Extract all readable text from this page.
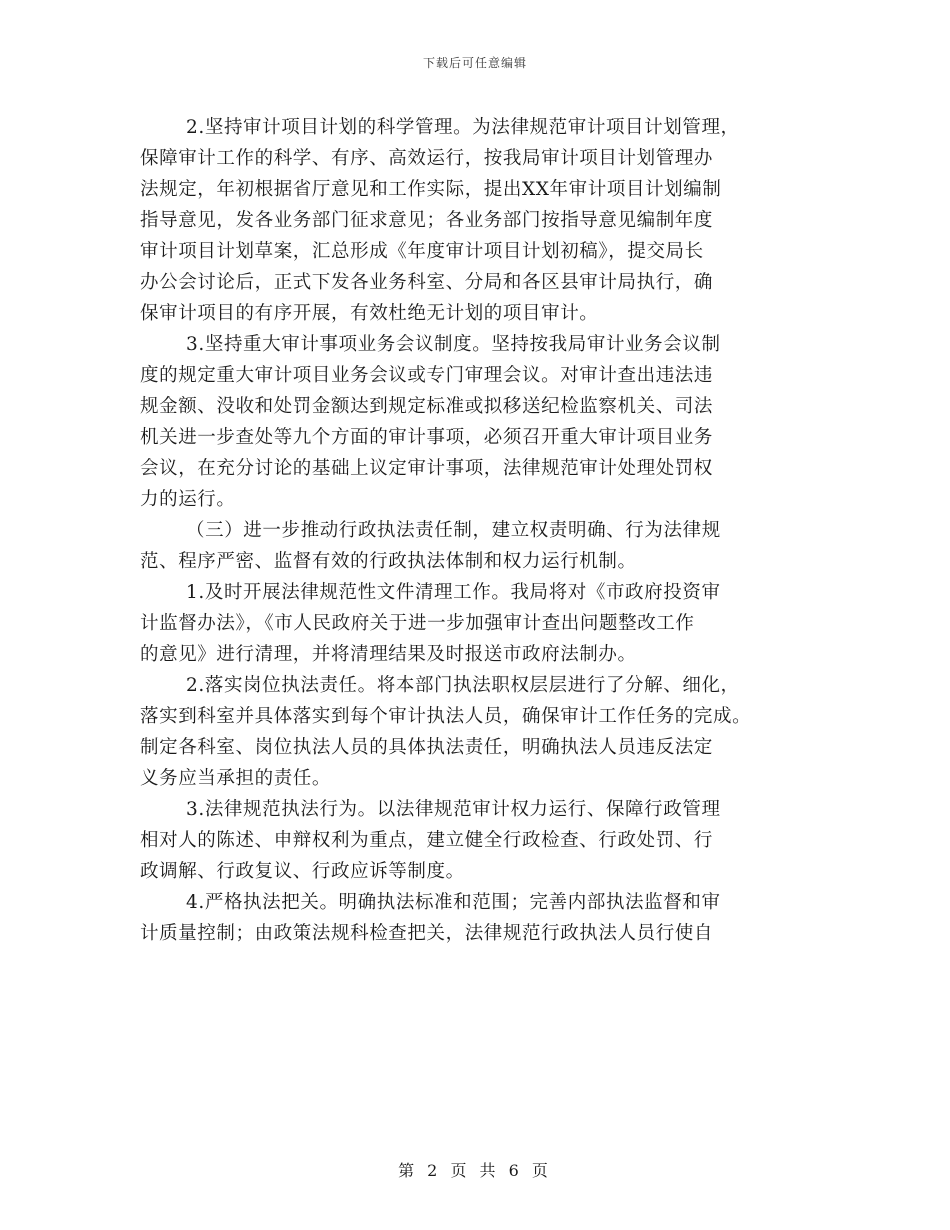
下载后可任意编辑

2.坚持审计项目计划的科学管理。为法律规范审计项目计划管理，
保障审计工作的科学、有序、高效运行，按我局审计项目计划管理办
法规定，年初根据省厅意见和工作实际，提出XX年审计项目计划编制
指导意见，发各业务部门征求意见；各业务部门按指导意见编制年度
审计项目计划草案，汇总形成《年度审计项目计划初稿》，提交局长
办公会讨论后，正式下发各业务科室、分局和各区县审计局执行，确
保审计项目的有序开展，有效杜绝无计划的项目审计。

3.坚持重大审计事项业务会议制度。坚持按我局审计业务会议制
度的规定重大审计项目业务会议或专门审理会议。对审计查出违法违
规金额、没收和处罚金额达到规定标准或拟移送纪检监察机关、司法
机关进一步查处等九个方面的审计事项，必须召开重大审计项目业务
会议，在充分讨论的基础上议定审计事项，法律规范审计处理处罚权
力的运行。

（三）进一步推动行政执法责任制，建立权责明确、行为法律规
范、程序严密、监督有效的行政执法体制和权力运行机制。

1.及时开展法律规范性文件清理工作。我局将对《市政府投资审
计监督办法》，《市人民政府关于进一步加强审计查出问题整改工作
的意见》进行清理，并将清理结果及时报送市政府法制办。

2.落实岗位执法责任。将本部门执法职权层层进行了分解、细化，
落实到科室并具体落实到每个审计执法人员，确保审计工作任务的完成。
制定各科室、岗位执法人员的具体执法责任，明确执法人员违反法定
义务应当承担的责任。

3.法律规范执法行为。以法律规范审计权力运行、保障行政管理
相对人的陈述、申辩权利为重点，建立健全行政检查、行政处罚、行
政调解、行政复议、行政应诉等制度。

4.严格执法把关。明确执法标准和范围；完善内部执法监督和审
计质量控制；由政策法规科检查把关，法律规范行政执法人员行使自

第 2 页 共 6 页
